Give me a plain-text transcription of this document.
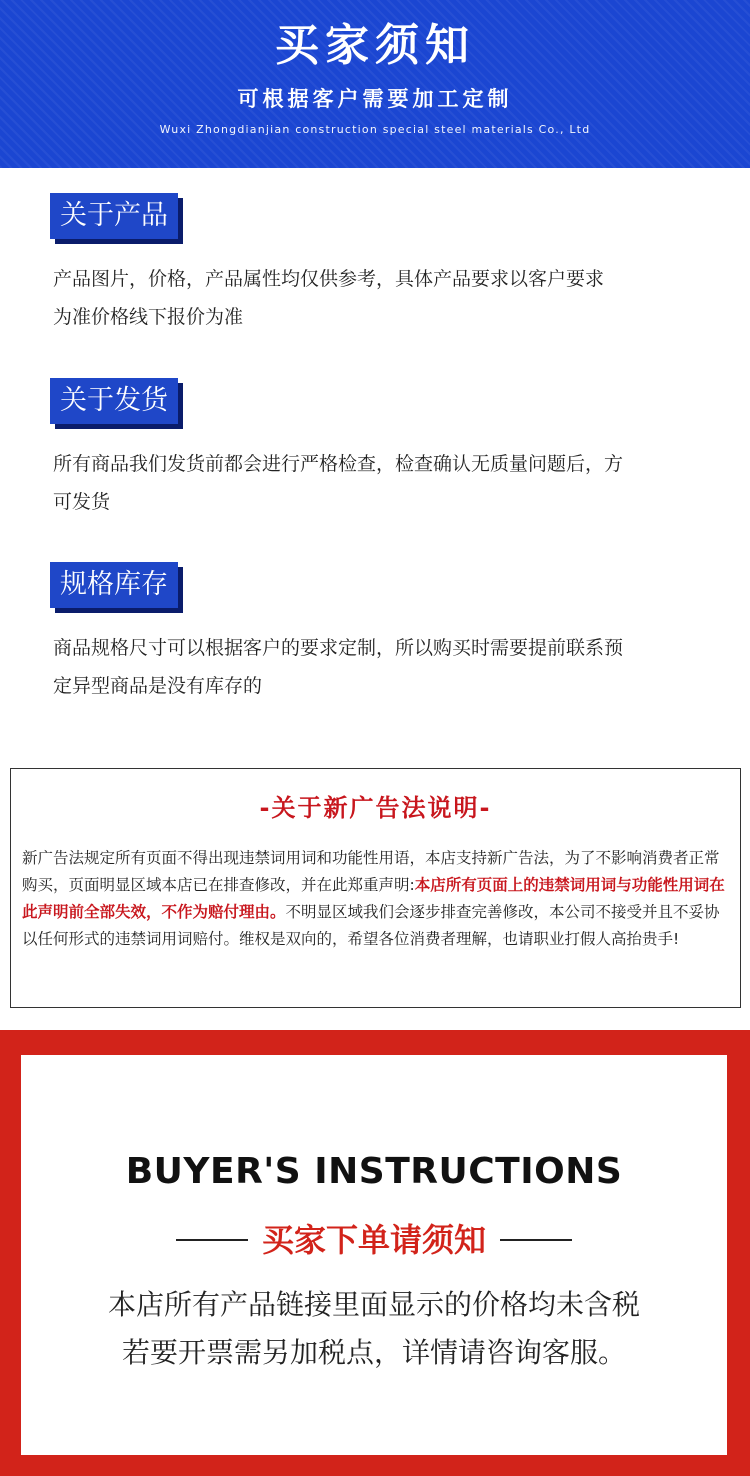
买家须知
可根据客户需要加工定制
Wuxi Zhongdianjian construction special steel materials Co., Ltd
关于产品
产品图片，价格，产品属性均仅供参考，具体产品要求以客户要求
为准价格线下报价为准
关于发货
所有商品我们发货前都会进行严格检查，检查确认无质量问题后，方
可发货
规格库存
商品规格尺寸可以根据客户的要求定制，所以购买时需要提前联系预
定异型商品是没有库存的
-关于新广告法说明-
新广告法规定所有页面不得出现违禁词用词和功能性用语，本店支持新广告法，为了不影响消费者正常购买，页面明显区域本店已在排查修改，并在此郑重声明:本店所有页面上的违禁词用词与功能性用词在此声明前全部失效，不作为赔付理由。不明显区域我们会逐步排查完善修改，本公司不接受并且不妥协以任何形式的违禁词用词赔付。维权是双向的，希望各位消费者理解，也请职业打假人高抬贵手!
BUYER'S INSTRUCTIONS
买家下单请须知
本店所有产品链接里面显示的价格均未含税
若要开票需另加税点，详情请咨询客服。
